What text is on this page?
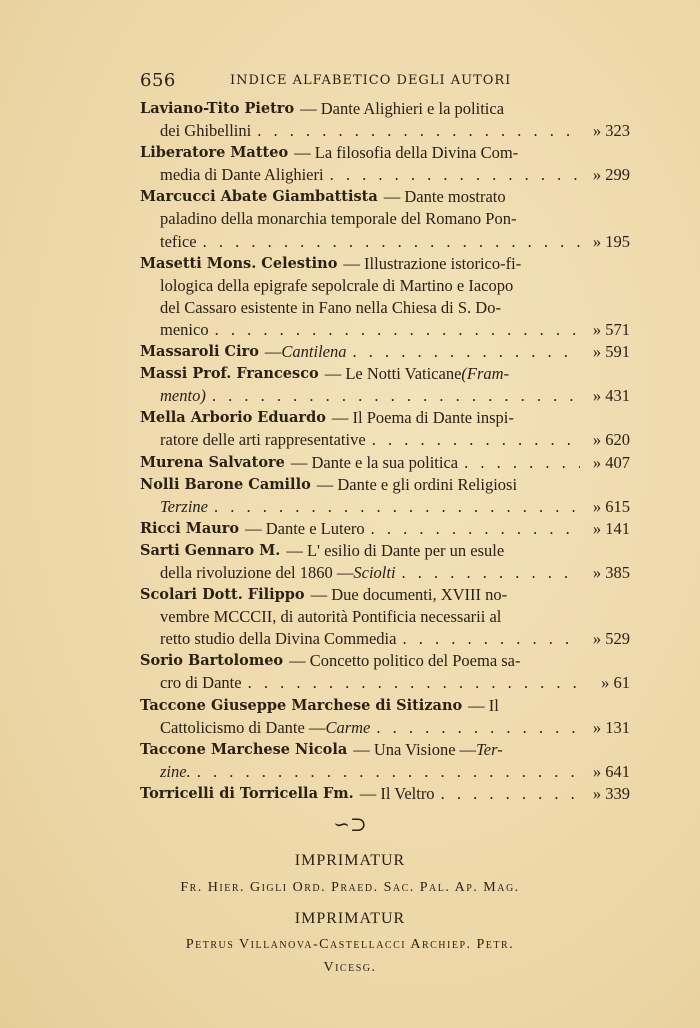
656	INDICE ALFABETICO DEGLI AUTORI
Laviano-Tito Pietro — Dante Alighieri e la politica
dei Ghibellini . . .	» 323
Liberatore Matteo — La filosofia della Divina Com-
media di Dante Alighieri . . .	» 299
Marcucci Abate Giambattista — Dante mostrato
paladino della monarchia temporale del Romano Pon-
tefice . . .	» 195
Masetti Mons. Celestino — Illustrazione istorico-fi-
lologica della epigrafe sepolcrale di Martino e Iacopo
del Cassaro esistente in Fano nella Chiesa di S. Do-
menico . . .	» 571
Massaroli Ciro — Cantilena . . .	» 591
Massi Prof. Francesco — Le Notti Vaticane (Fram-
mento) . . .	» 431
Mella Arborio Eduardo — Il Poema di Dante inspi-
ratore delle arti rappresentative . . .	» 620
Murena Salvatore — Dante e la sua politica . . .	» 407
Nolli Barone Camillo — Dante e gli ordini Religiosi
Terzine . . .	» 615
Ricci Mauro — Dante e Lutero . . .	» 141
Sarti Gennaro M. — L' esilio di Dante per un esule
della rivoluzione del 1860 — Sciolti . . .	» 385
Scolari Dott. Filippo — Due documenti, XVIII no-
vembre MCCCII, di autorità Pontificia necessarii al
retto studio della Divina Commedia . . .	» 529
Sorio Bartolomeo — Concetto politico del Poema sa-
cro di Dante . . .	» 61
Taccone Giuseppe Marchese di Sitizano — Il
Cattolicismo di Dante — Carme . . .	» 131
Taccone Marchese Nicola — Una Visione — Ter-
zine. . . .	» 641
Torricelli di Torricella Fm. — Il Veltro . . .	» 339
∽⊃
IMPRIMATUR
Fr. Hier. Gigli Ord. Praed. Sac. Pal. Ap. Mag.
IMPRIMATUR
Petrus Villanova-Castellacci Archiep. Petr.
Vicesg.
